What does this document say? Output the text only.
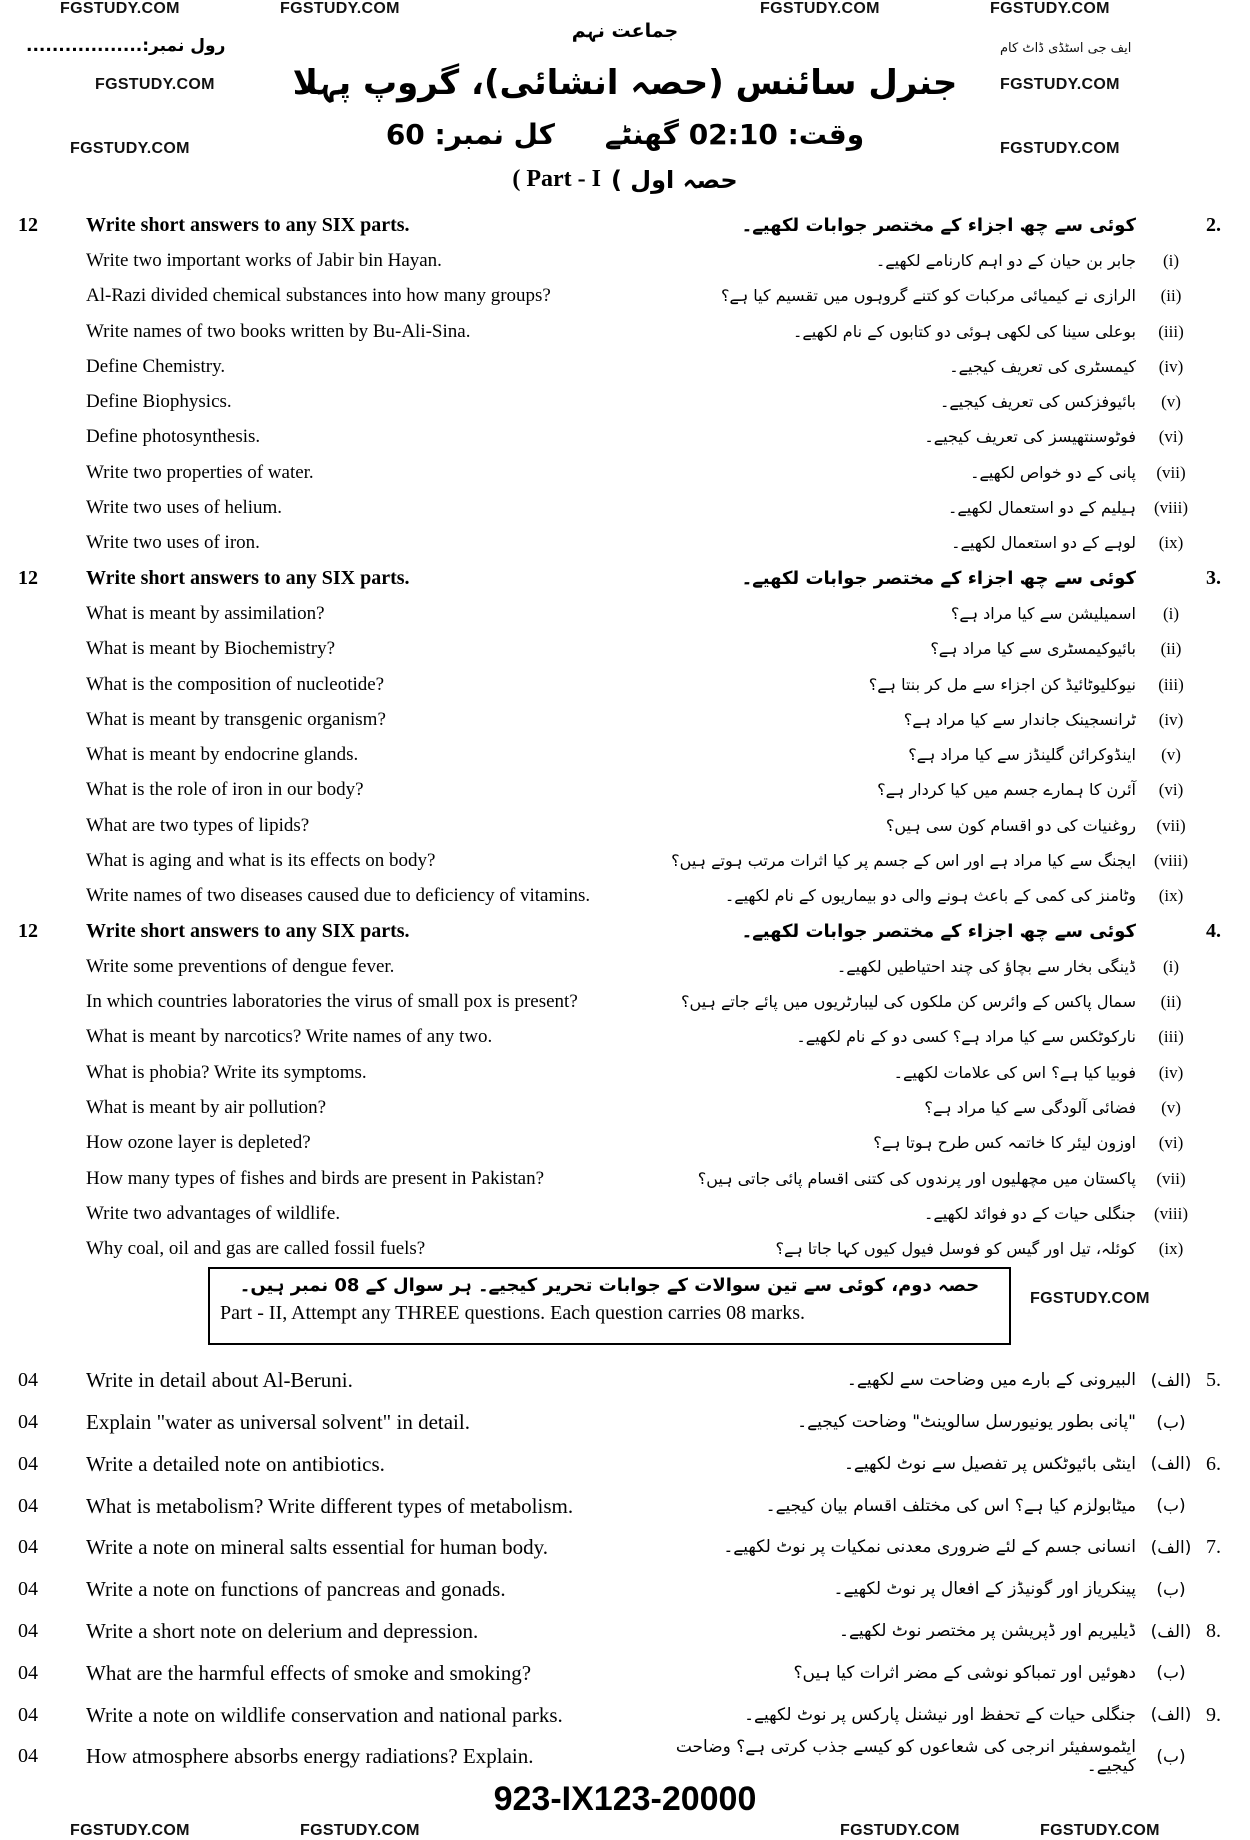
FGSTUDY.COM	FGSTUDY.COM	FGSTUDY.COM	FGSTUDY.COM
FGSTUDY.COM	FGSTUDY.COM
FGSTUDY.COM	FGSTUDY.COM
FGSTUDY.COM
FGSTUDY.COM	FGSTUDY.COM	FGSTUDY.COM	FGSTUDY.COM
ایف جی اسٹڈی ڈاٹ کام
رول نمبر:..................
جماعت نہم
جنرل سائنس (حصہ انشائی)، گروپ پہلا
کل نمبر: 60 وقت: 02:10 گھنٹے
( Part - I حصہ اول )
12	Write short answers to any SIX parts.	کوئی سے چھ اجزاء کے مختصر جوابات لکھیے۔	2.
Write two important works of Jabir bin Hayan.	جابر بن حیان کے دو اہم کارنامے لکھیے۔	(i)
Al-Razi divided chemical substances into how many groups?	الرازی نے کیمیائی مرکبات کو کتنے گروہوں میں تقسیم کیا ہے؟	(ii)
Write names of two books written by Bu-Ali-Sina.	بوعلی سینا کی لکھی ہوئی دو کتابوں کے نام لکھیے۔	(iii)
Define Chemistry.	کیمسٹری کی تعریف کیجیے۔	(iv)
Define Biophysics.	بائیوفزکس کی تعریف کیجیے۔	(v)
Define photosynthesis.	فوٹوسنتھیسز کی تعریف کیجیے۔	(vi)
Write two properties of water.	پانی کے دو خواص لکھیے۔	(vii)
Write two uses of helium.	ہیلیم کے دو استعمال لکھیے۔	(viii)
Write two uses of iron.	لوہے کے دو استعمال لکھیے۔	(ix)
12	Write short answers to any SIX parts.	کوئی سے چھ اجزاء کے مختصر جوابات لکھیے۔	3.
What is meant by assimilation?	اسمیلیشن سے کیا مراد ہے؟	(i)
What is meant by Biochemistry?	بائیوکیمسٹری سے کیا مراد ہے؟	(ii)
What is the composition of nucleotide?	نیوکلیوٹائیڈ کن اجزاء سے مل کر بنتا ہے؟	(iii)
What is meant by transgenic organism?	ٹرانسجینک جاندار سے کیا مراد ہے؟	(iv)
What is meant by endocrine glands.	اینڈوکرائن گلینڈز سے کیا مراد ہے؟	(v)
What is the role of iron in our body?	آئرن کا ہمارے جسم میں کیا کردار ہے؟	(vi)
What are two types of lipids?	روغنیات کی دو اقسام کون سی ہیں؟	(vii)
What is aging and what is its effects on body?	ایجنگ سے کیا مراد ہے اور اس کے جسم پر کیا اثرات مرتب ہوتے ہیں؟	(viii)
Write names of two diseases caused due to deficiency of vitamins.	وٹامنز کی کمی کے باعث ہونے والی دو بیماریوں کے نام لکھیے۔	(ix)
12	Write short answers to any SIX parts.	کوئی سے چھ اجزاء کے مختصر جوابات لکھیے۔	4.
Write some preventions of dengue fever.	ڈینگی بخار سے بچاؤ کی چند احتیاطیں لکھیے۔	(i)
In which countries laboratories the virus of small pox is present?	سمال پاکس کے وائرس کن ملکوں کی لیبارٹریوں میں پائے جاتے ہیں؟	(ii)
What is meant by narcotics? Write names of any two.	نارکوٹکس سے کیا مراد ہے؟ کسی دو کے نام لکھیے۔	(iii)
What is phobia? Write its symptoms.	فوبیا کیا ہے؟ اس کی علامات لکھیے۔	(iv)
What is meant by air pollution?	فضائی آلودگی سے کیا مراد ہے؟	(v)
How ozone layer is depleted?	اوزون لیئر کا خاتمہ کس طرح ہوتا ہے؟	(vi)
How many types of fishes and birds are present in Pakistan?	پاکستان میں مچھلیوں اور پرندوں کی کتنی اقسام پائی جاتی ہیں؟	(vii)
Write two advantages of wildlife.	جنگلی حیات کے دو فوائد لکھیے۔	(viii)
Why coal, oil and gas are called fossil fuels?	کوئلہ، تیل اور گیس کو فوسل فیول کیوں کہا جاتا ہے؟	(ix)
حصہ دوم، کوئی سے تین سوالات کے جوابات تحریر کیجیے۔ ہر سوال کے 08 نمبر ہیں۔
Part - II, Attempt any THREE questions. Each question carries 08 marks.
04	Write in detail about Al-Beruni.	البیرونی کے بارے میں وضاحت سے لکھیے۔ (الف) 5.
04	Explain "water as universal solvent" in detail.	"پانی بطور یونیورسل سالوینٹ" وضاحت کیجیے۔	(ب)
04	Write a detailed note on antibiotics.	اینٹی بائیوٹکس پر تفصیل سے نوٹ لکھیے۔ (الف) 6.
04	What is metabolism? Write different types of metabolism.	میٹابولزم کیا ہے؟ اس کی مختلف اقسام بیان کیجیے۔	(ب)
04	Write a note on mineral salts essential for human body.	انسانی جسم کے لئے ضروری معدنی نمکیات پر نوٹ لکھیے۔ (الف) 7.
04	Write a note on functions of pancreas and gonads.	پینکریاز اور گونیڈز کے افعال پر نوٹ لکھیے۔	(ب)
04	Write a short note on delerium and depression.	ڈیلیریم اور ڈپریشن پر مختصر نوٹ لکھیے۔ (الف) 8.
04	What are the harmful effects of smoke and smoking?	دھوئیں اور تمباکو نوشی کے مضر اثرات کیا ہیں؟	(ب)
04	Write a note on wildlife conservation and national parks.	جنگلی حیات کے تحفظ اور نیشنل پارکس پر نوٹ لکھیے۔ (الف) 9.
04	How atmosphere absorbs energy radiations? Explain.	ایٹموسفیئر انرجی کی شعاعوں کو کیسے جذب کرتی ہے؟ وضاحت کیجیے۔	(ب)
923-IX123-20000
